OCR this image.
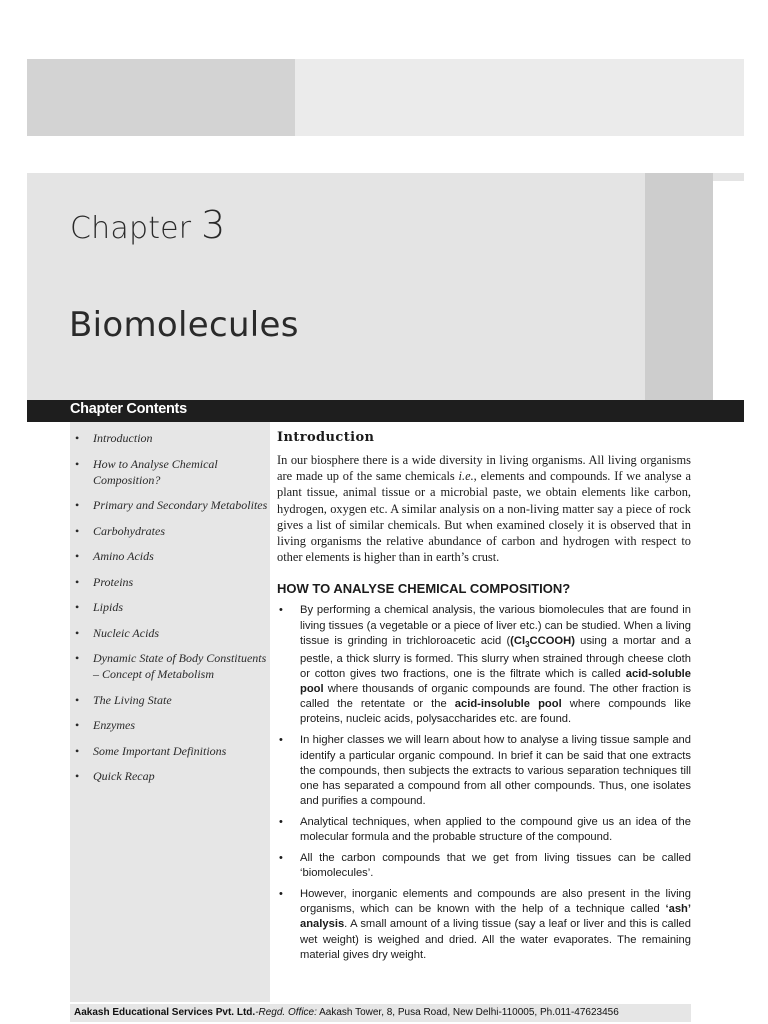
Chapter 3
Biomolecules
Chapter Contents
• Introduction
• How to Analyse Chemical Composition?
• Primary and Secondary Metabolites
• Carbohydrates
• Amino Acids
• Proteins
• Lipids
• Nucleic Acids
• Dynamic State of Body Constituents – Concept of Metabolism
• The Living State
• Enzymes
• Some Important Definitions
• Quick Recap
Introduction

In our biosphere there is a wide diversity in living organisms. All living organisms are made up of the same chemicals i.e., elements and compounds. If we analyse a plant tissue, animal tissue or a microbial paste, we obtain elements like carbon, hydrogen, oxygen etc. A similar analysis on a non-living matter say a piece of rock gives a list of similar chemicals. But when examined closely it is observed that in living organisms the relative abundance of carbon and hydrogen with respect to other elements is higher than in earth’s crust.

HOW TO ANALYSE CHEMICAL COMPOSITION?
• By performing a chemical analysis, the various biomolecules that are found in living tissues (a vegetable or a piece of liver etc.) can be studied. When a living tissue is grinding in trichloroacetic acid ($(Cl_3CCOOH)$ using a mortar and a pestle, a thick slurry is formed. This slurry when strained through cheese cloth or cotton gives two fractions, one is the filtrate which is called acid-soluble pool where thousands of organic compounds are found. The other fraction is called the retentate or the acid-insoluble pool where compounds like proteins, nucleic acids, polysaccharides etc. are found.
• In higher classes we will learn about how to analyse a living tissue sample and identify a particular organic compound. In brief it can be said that one extracts the compounds, then subjects the extracts to various separation techniques till one has separated a compound from all other compounds. Thus, one isolates and purifies a compound.
• Analytical techniques, when applied to the compound give us an idea of the molecular formula and the probable structure of the compound.
• All the carbon compounds that we get from living tissues can be called ‘biomolecules’.
• However, inorganic elements and compounds are also present in the living organisms, which can be known with the help of a technique called ‘ash’ analysis. A small amount of a living tissue (say a leaf or liver and this is called wet weight) is weighed and dried. All the water evaporates. The remaining material gives dry weight.
Aakash Educational Services Pvt. Ltd.-Regd. Office: Aakash Tower, 8, Pusa Road, New Delhi-110005, Ph.011-47623456
